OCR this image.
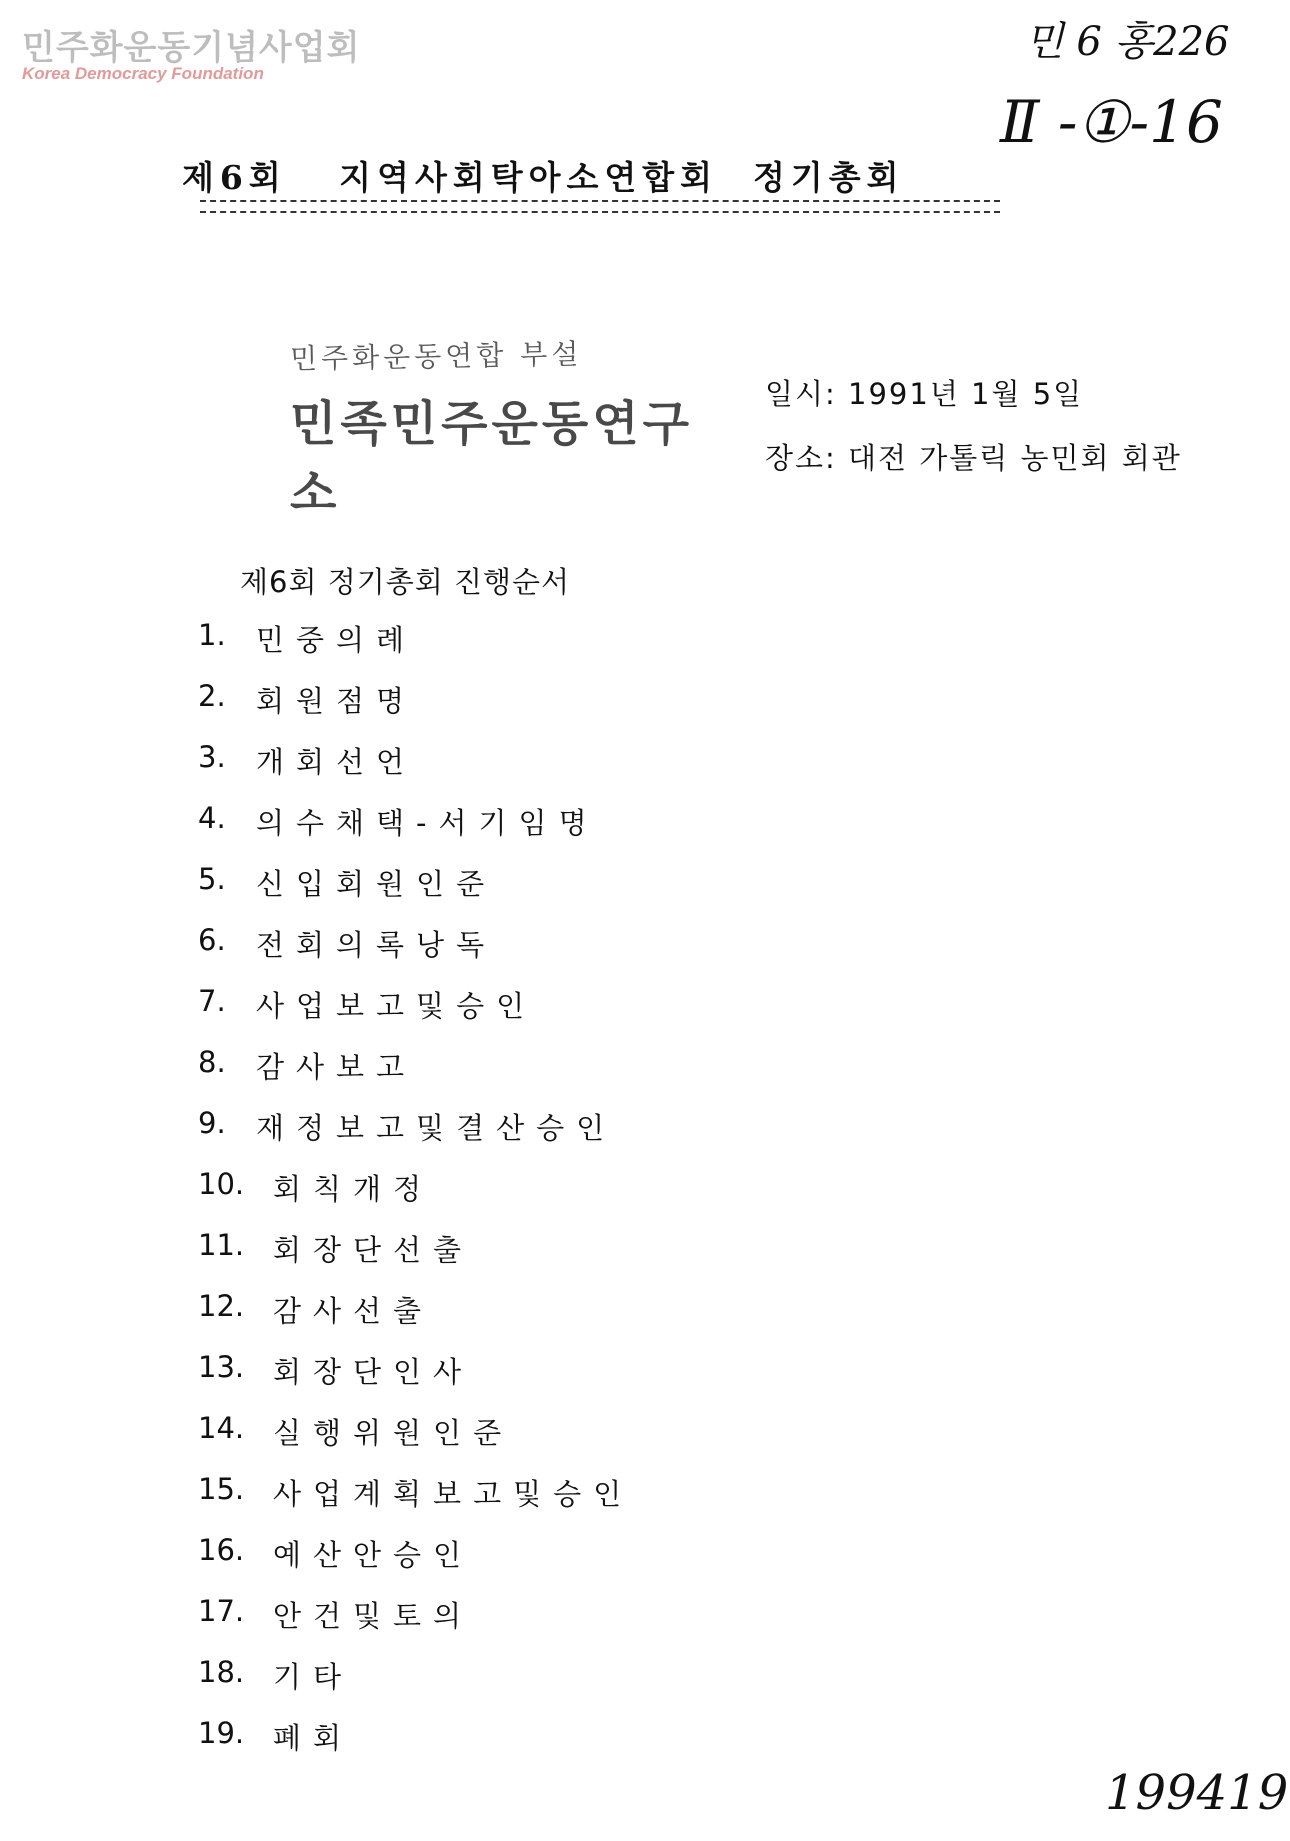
민주화운동기념사업회
Korea Democracy Foundation
민 6 홍226
Ⅱ -①-16
제6회   지역사회탁아소연합회  정기총회
민주화운동연합 부설
민족민주운동연구소
일시: 1991년 1월 5일
장소: 대전 가톨릭 농민회 회관
제6회 정기총회 진행순서
1.	민중의례
2.	회원점명
3.	개회선언
4.	의수채택-서기임명
5.	신입회원인준
6.	전회의록낭독
7.	사업보고및승인
8.	감사보고
9.	재정보고및결산승인
10. 회칙개정
11. 회장단선출
12. 감사선출
13. 회장단인사
14. 실행위원인준
15. 사업계획보고및승인
16. 예산안승인
17. 안건및토의
18. 기타
19. 폐회
199419
